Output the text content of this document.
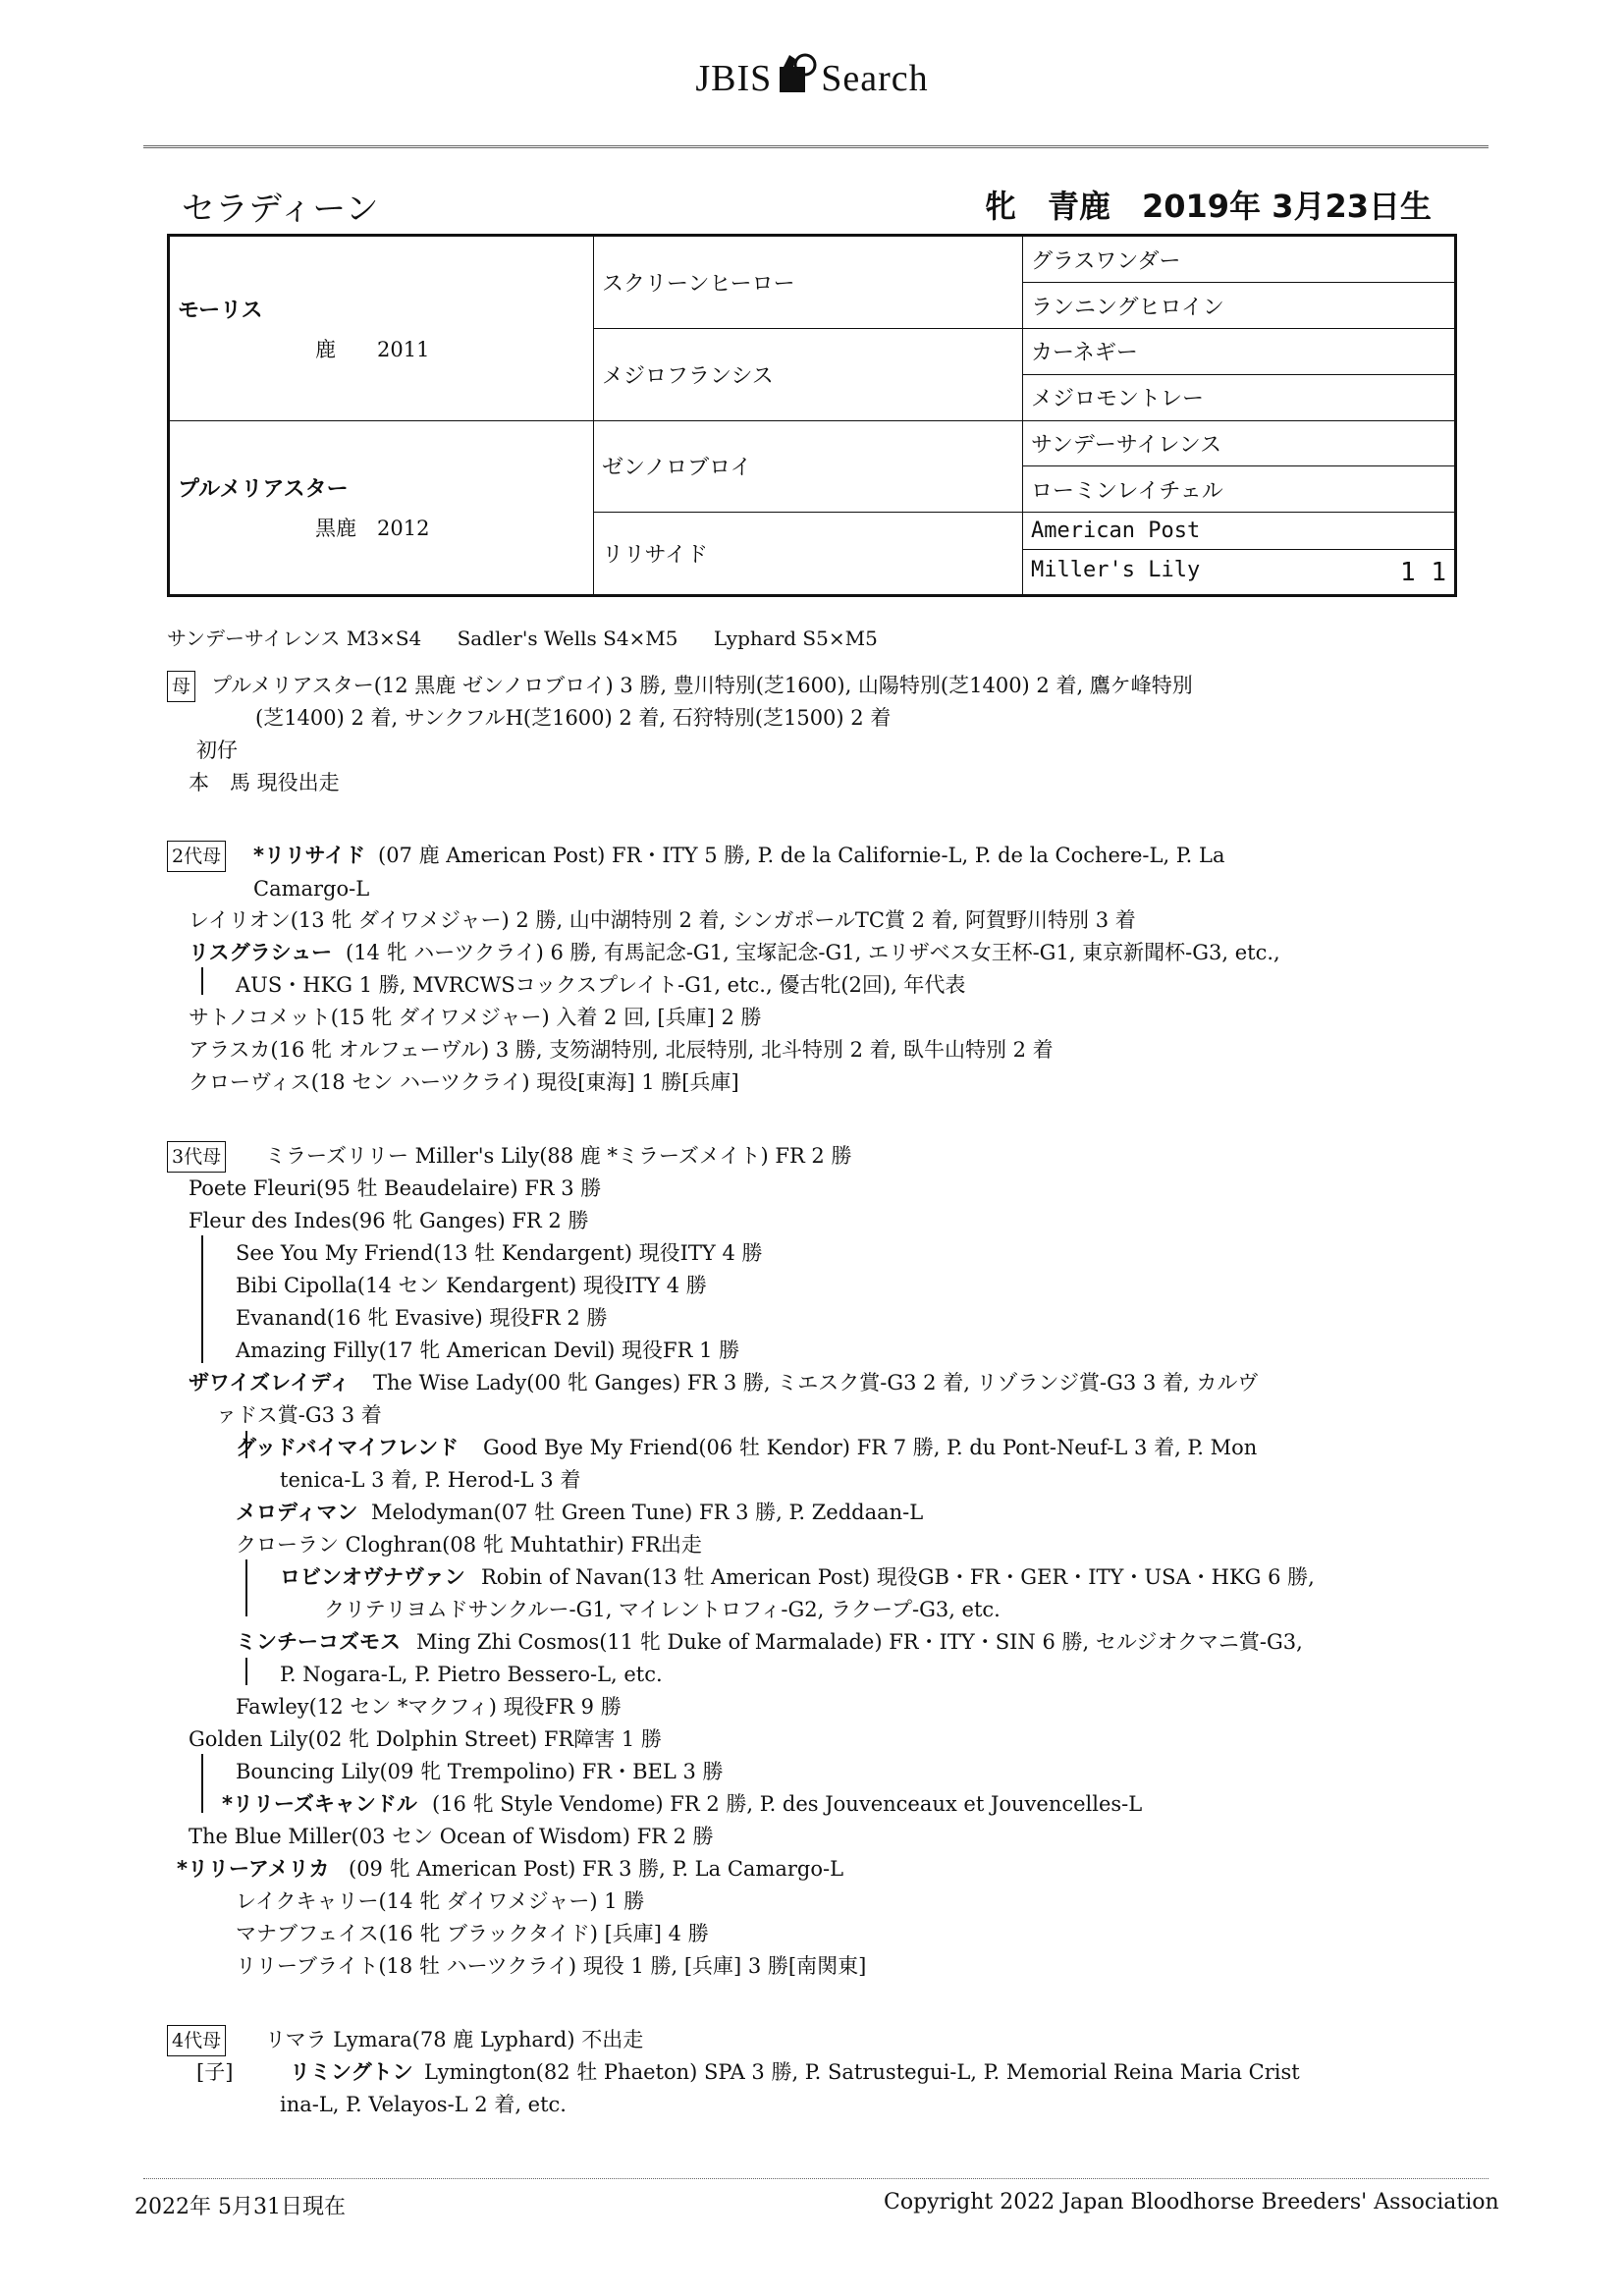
JBIS Search
セラディーン	牝　青鹿　2019年 3月23日生
モーリス
鹿　　2011	スクリーンヒーロー	グラスワンダー
		ランニングヒロイン
	メジロフランシス	カーネギー
		メジロモントレー
プルメリアスター
黒鹿　2012	ゼンノロブロイ	サンデーサイレンス
		ローミンレイチェル
	リリサイド	American Post
		Miller's Lily 1 1
サンデーサイレンス M3×S4 Sadler's Wells S4×M5 Lyphard S5×M5
母 プルメリアスター(12 黒鹿 ゼンノロブロイ) 3 勝, 豊川特別(芝1600), 山陽特別(芝1400) 2 着, 鷹ケ峰特別
(芝1400) 2 着, サンクフルH(芝1600) 2 着, 石狩特別(芝1500) 2 着
初仔
本　馬 現役出走
2代母 *リリサイド (07 鹿 American Post) FR・ITY 5 勝, P. de la Californie-L, P. de la Cochere-L, P. La
Camargo-L
レイリオン(13 牝 ダイワメジャー) 2 勝, 山中湖特別 2 着, シンガポールTC賞 2 着, 阿賀野川特別 3 着
リスグラシュー (14 牝 ハーツクライ) 6 勝, 有馬記念-G1, 宝塚記念-G1, エリザベス女王杯-G1, 東京新聞杯-G3, etc.,
AUS・HKG 1 勝, MVRCWSコックスプレイト-G1, etc., 優古牝(2回), 年代表
サトノコメット(15 牝 ダイワメジャー) 入着 2 回, [兵庫] 2 勝
アラスカ(16 牝 オルフェーヴル) 3 勝, 支笏湖特別, 北辰特別, 北斗特別 2 着, 臥牛山特別 2 着
クローヴィス(18 セン ハーツクライ) 現役[東海] 1 勝[兵庫]
3代母 ミラーズリリー Miller's Lily(88 鹿 *ミラーズメイト) FR 2 勝
Poete Fleuri(95 牡 Beaudelaire) FR 3 勝
Fleur des Indes(96 牝 Ganges) FR 2 勝
See You My Friend(13 牡 Kendargent) 現役ITY 4 勝
Bibi Cipolla(14 セン Kendargent) 現役ITY 4 勝
Evanand(16 牝 Evasive) 現役FR 2 勝
Amazing Filly(17 牝 American Devil) 現役FR 1 勝
ザワイズレイディ The Wise Lady(00 牝 Ganges) FR 3 勝, ミエスク賞-G3 2 着, リゾランジ賞-G3 3 着, カルヴ
ァドス賞-G3 3 着
グッドバイマイフレンド Good Bye My Friend(06 牡 Kendor) FR 7 勝, P. du Pont-Neuf-L 3 着, P. Mon
tenica-L 3 着, P. Herod-L 3 着
メロディマン Melodyman(07 牡 Green Tune) FR 3 勝, P. Zeddaan-L
クローラン Cloghran(08 牝 Muhtathir) FR出走
ロビンオヴナヴァン Robin of Navan(13 牡 American Post) 現役GB・FR・GER・ITY・USA・HKG 6 勝,
クリテリヨムドサンクルー-G1, マイレントロフィ-G2, ラクープ-G3, etc.
ミンチーコズモス Ming Zhi Cosmos(11 牝 Duke of Marmalade) FR・ITY・SIN 6 勝, セルジオクマニ賞-G3,
P. Nogara-L, P. Pietro Bessero-L, etc.
Fawley(12 セン *マクフィ) 現役FR 9 勝
Golden Lily(02 牝 Dolphin Street) FR障害 1 勝
Bouncing Lily(09 牝 Trempolino) FR・BEL 3 勝
*リリーズキャンドル (16 牝 Style Vendome) FR 2 勝, P. des Jouvenceaux et Jouvencelles-L
The Blue Miller(03 セン Ocean of Wisdom) FR 2 勝
*リリーアメリカ (09 牝 American Post) FR 3 勝, P. La Camargo-L
レイクキャリー(14 牝 ダイワメジャー) 1 勝
マナブフェイス(16 牝 ブラックタイド) [兵庫] 4 勝
リリーブライト(18 牡 ハーツクライ) 現役 1 勝, [兵庫] 3 勝[南関東]
4代母 リマラ Lymara(78 鹿 Lyphard) 不出走
[子]	リミングトン Lymington(82 牡 Phaeton) SPA 3 勝, P. Satrustegui-L, P. Memorial Reina Maria Crist
ina-L, P. Velayos-L 2 着, etc.
2022年 5月31日現在	Copyright 2022 Japan Bloodhorse Breeders' Association
